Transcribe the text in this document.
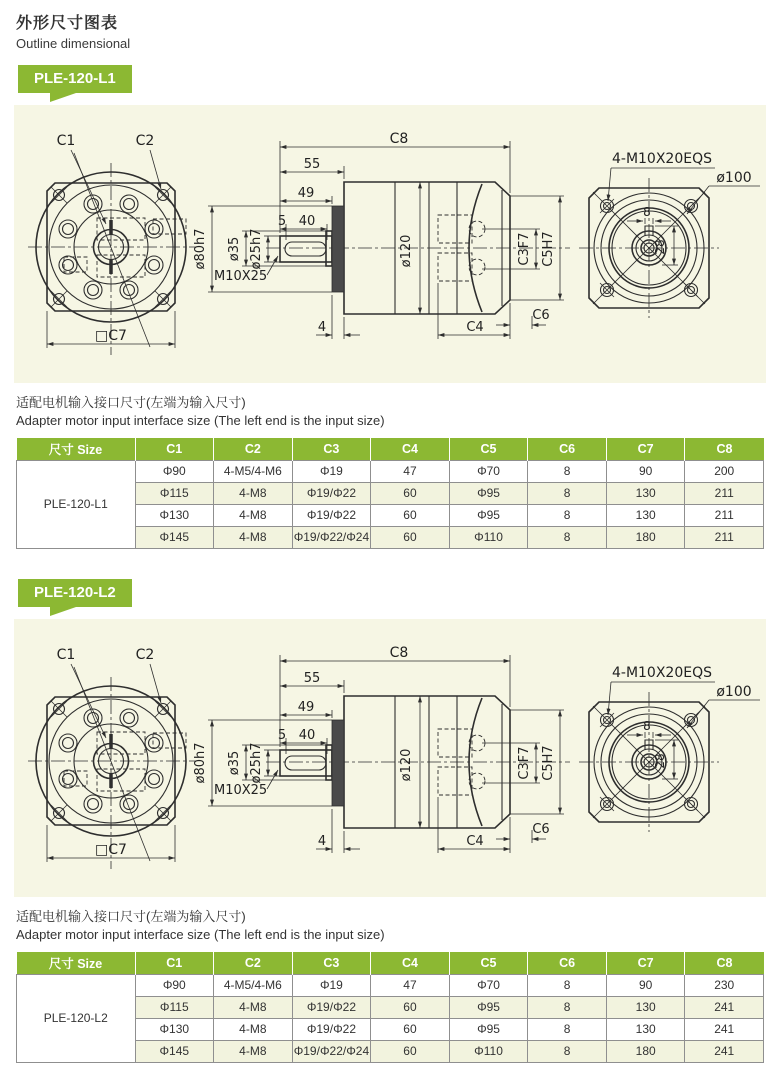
外形尺寸图表
Outline dimensional
PLE-120-L1
适配电机输入接口尺寸(左端为输入尺寸)
Adapter motor input interface size (The left end is the input size)
尺寸 Size	C1	C2	C3	C4	C5	C6	C7	C8
PLE-120-L1	Φ90	4-M5/4-M6	Φ19	47	Φ70	8	90	200
	Φ115	4-M8	Φ19/Φ22	60	Φ95	8	130	211
	Φ130	4-M8	Φ19/Φ22	60	Φ95	8	130	211
	Φ145	4-M8	Φ19/Φ22/Φ24	60	Φ110	8	180	211
PLE-120-L2
适配电机输入接口尺寸(左端为输入尺寸)
Adapter motor input interface size (The left end is the input size)
尺寸 Size	C1	C2	C3	C4	C5	C6	C7	C8
PLE-120-L2	Φ90	4-M5/4-M6	Φ19	47	Φ70	8	90	230
	Φ115	4-M8	Φ19/Φ22	60	Φ95	8	130	241
	Φ130	4-M8	Φ19/Φ22	60	Φ95	8	130	241
	Φ145	4-M8	Φ19/Φ22/Φ24	60	Φ110	8	180	241
